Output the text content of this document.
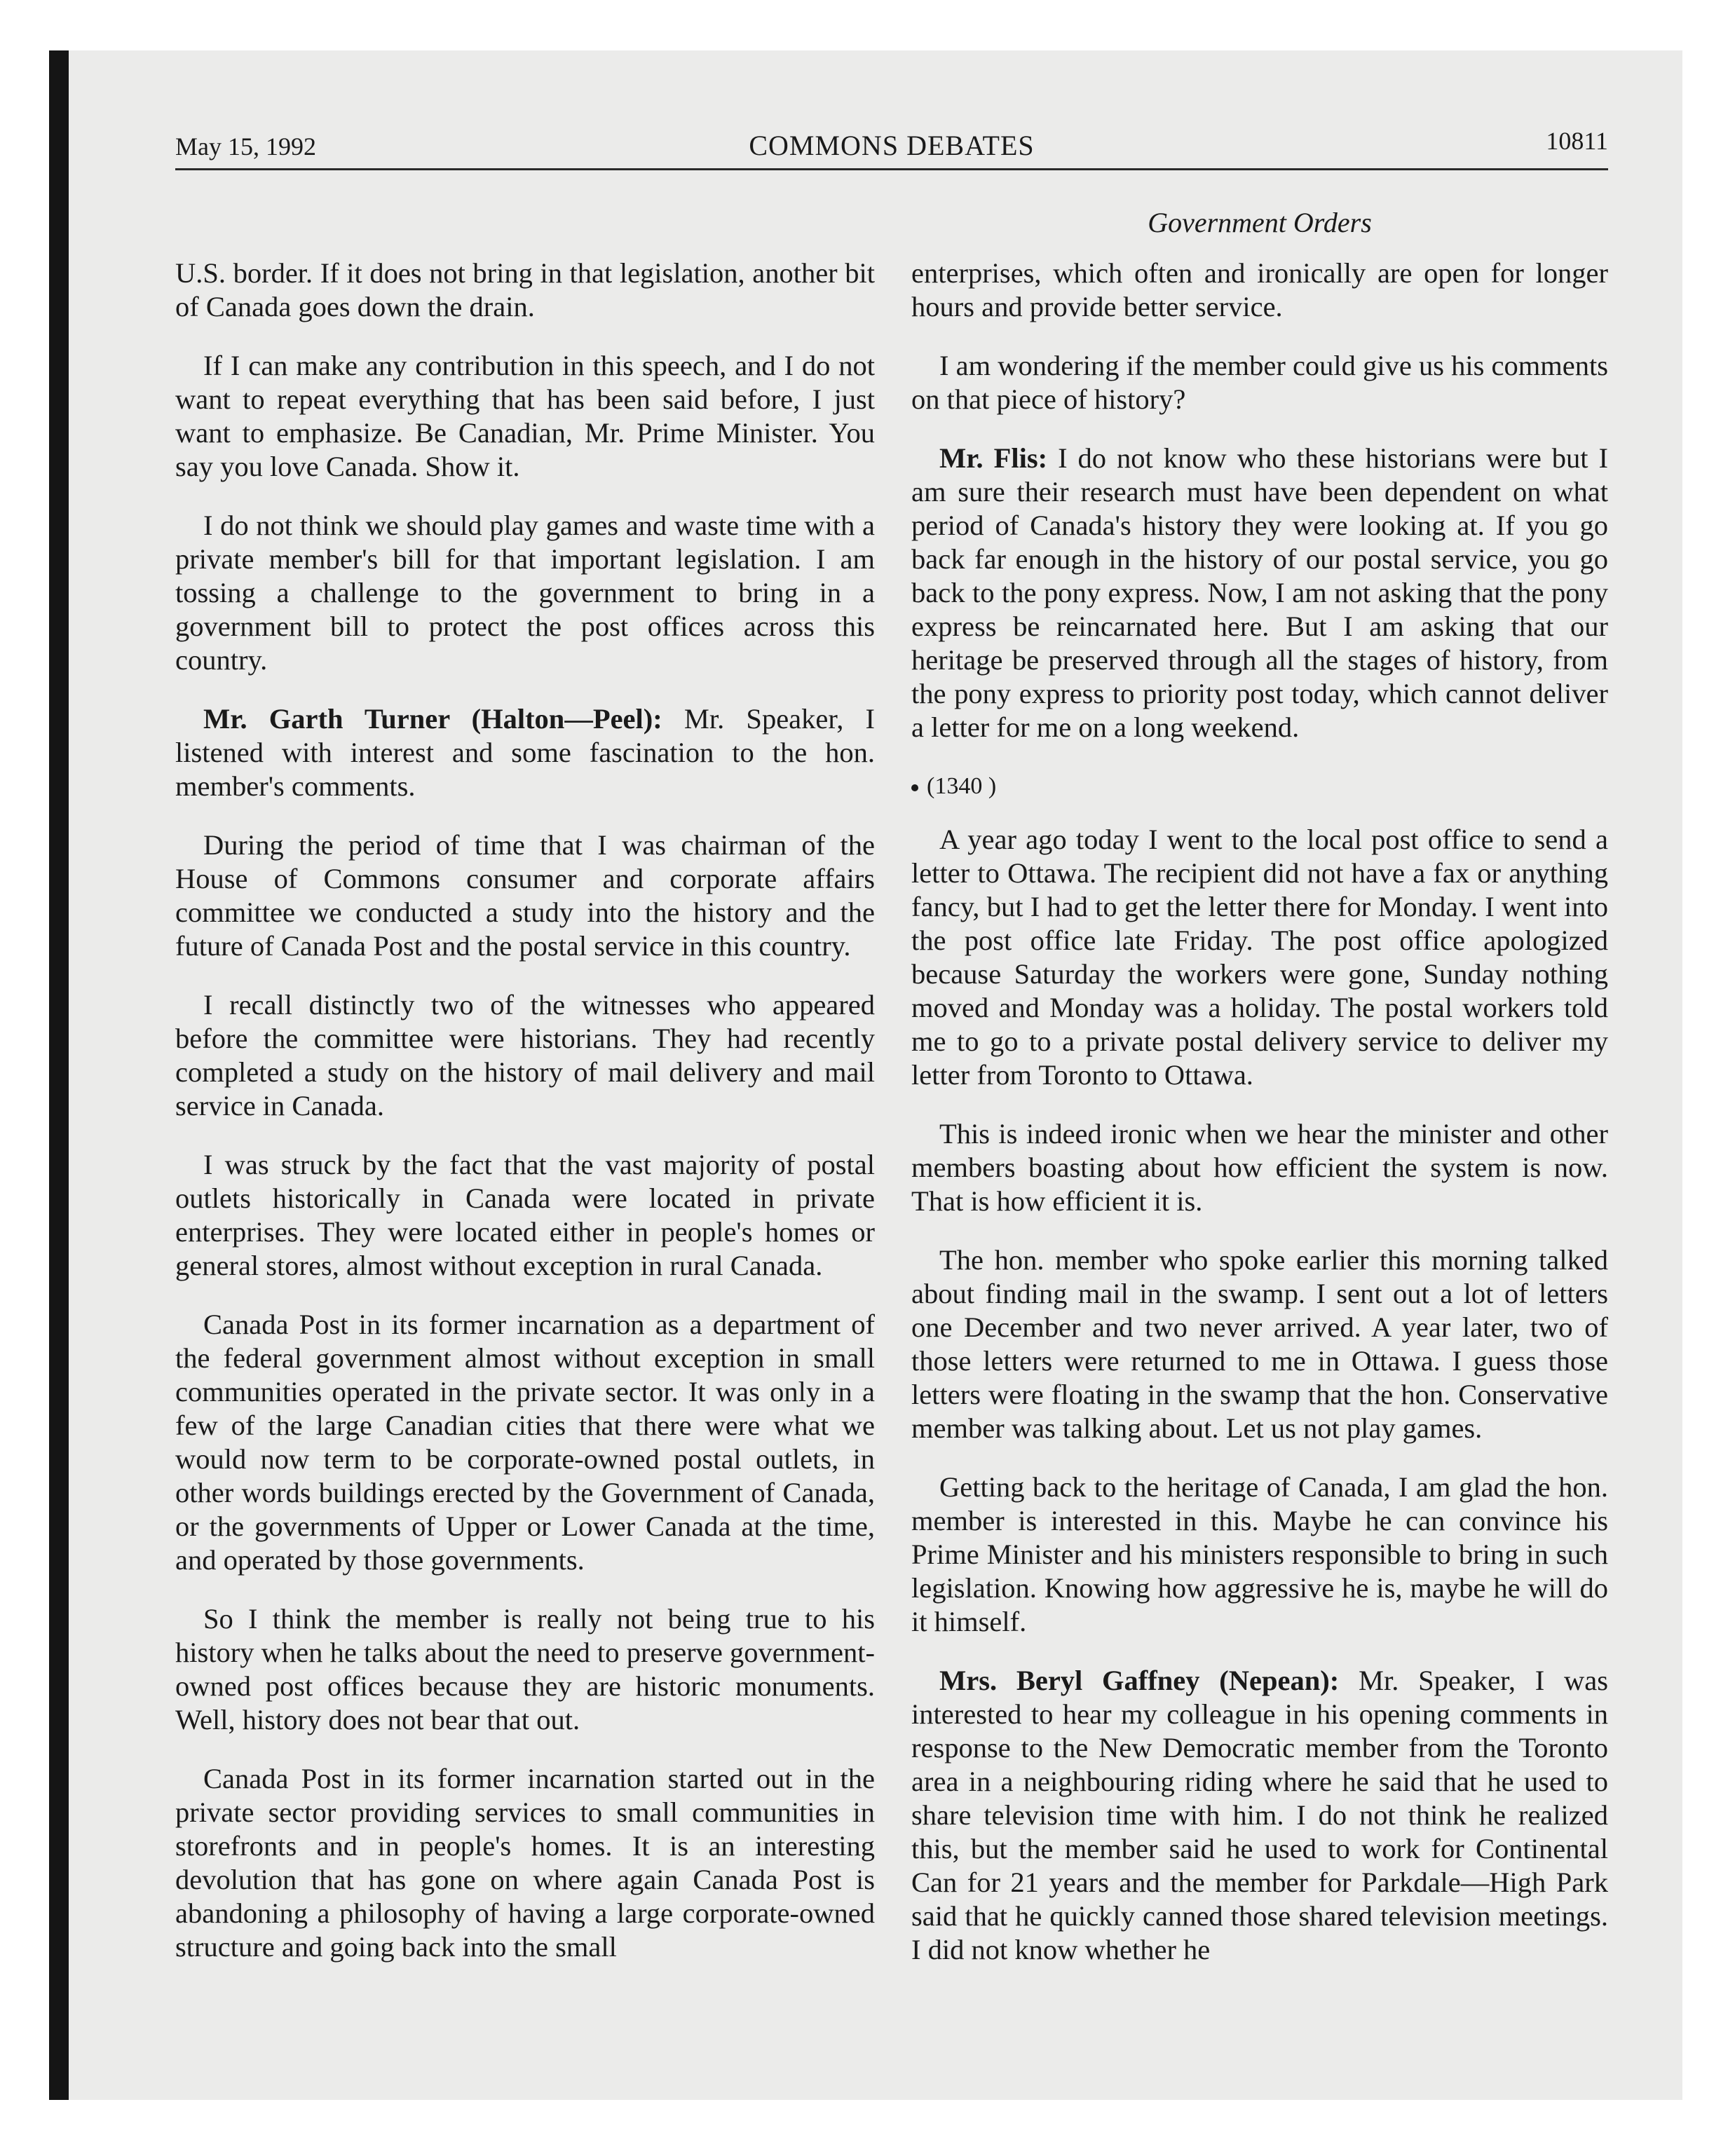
May 15, 1992	COMMONS DEBATES	10811
Government Orders

U.S. border. If it does not bring in that legislation, another bit of Canada goes down the drain.

If I can make any contribution in this speech, and I do not want to repeat everything that has been said before, I just want to emphasize. Be Canadian, Mr. Prime Minister. You say you love Canada. Show it.

I do not think we should play games and waste time with a private member's bill for that important legislation. I am tossing a challenge to the government to bring in a government bill to protect the post offices across this country.

Mr. Garth Turner (Halton—Peel): Mr. Speaker, I listened with interest and some fascination to the hon. member's comments.

During the period of time that I was chairman of the House of Commons consumer and corporate affairs committee we conducted a study into the history and the future of Canada Post and the postal service in this country.

I recall distinctly two of the witnesses who appeared before the committee were historians. They had recently completed a study on the history of mail delivery and mail service in Canada.

I was struck by the fact that the vast majority of postal outlets historically in Canada were located in private enterprises. They were located either in people's homes or general stores, almost without exception in rural Canada.

Canada Post in its former incarnation as a department of the federal government almost without exception in small communities operated in the private sector. It was only in a few of the large Canadian cities that there were what we would now term to be corporate-owned postal outlets, in other words buildings erected by the Government of Canada, or the governments of Upper or Lower Canada at the time, and operated by those governments.

So I think the member is really not being true to his history when he talks about the need to preserve government-owned post offices because they are historic monuments. Well, history does not bear that out.

Canada Post in its former incarnation started out in the private sector providing services to small communities in storefronts and in people's homes. It is an interesting devolution that has gone on where again Canada Post is abandoning a philosophy of having a large corporate-owned structure and going back into the small

enterprises, which often and ironically are open for longer hours and provide better service.

I am wondering if the member could give us his comments on that piece of history?

Mr. Flis: I do not know who these historians were but I am sure their research must have been dependent on what period of Canada's history they were looking at. If you go back far enough in the history of our postal service, you go back to the pony express. Now, I am not asking that the pony express be reincarnated here. But I am asking that our heritage be preserved through all the stages of history, from the pony express to priority post today, which cannot deliver a letter for me on a long weekend.

(1340 )

A year ago today I went to the local post office to send a letter to Ottawa. The recipient did not have a fax or anything fancy, but I had to get the letter there for Monday. I went into the post office late Friday. The post office apologized because Saturday the workers were gone, Sunday nothing moved and Monday was a holiday. The postal workers told me to go to a private postal delivery service to deliver my letter from Toronto to Ottawa.

This is indeed ironic when we hear the minister and other members boasting about how efficient the system is now. That is how efficient it is.

The hon. member who spoke earlier this morning talked about finding mail in the swamp. I sent out a lot of letters one December and two never arrived. A year later, two of those letters were returned to me in Ottawa. I guess those letters were floating in the swamp that the hon. Conservative member was talking about. Let us not play games.

Getting back to the heritage of Canada, I am glad the hon. member is interested in this. Maybe he can convince his Prime Minister and his ministers responsible to bring in such legislation. Knowing how aggressive he is, maybe he will do it himself.

Mrs. Beryl Gaffney (Nepean): Mr. Speaker, I was interested to hear my colleague in his opening comments in response to the New Democratic member from the Toronto area in a neighbouring riding where he said that he used to share television time with him. I do not think he realized this, but the member said he used to work for Continental Can for 21 years and the member for Parkdale—High Park said that he quickly canned those shared television meetings. I did not know whether he
